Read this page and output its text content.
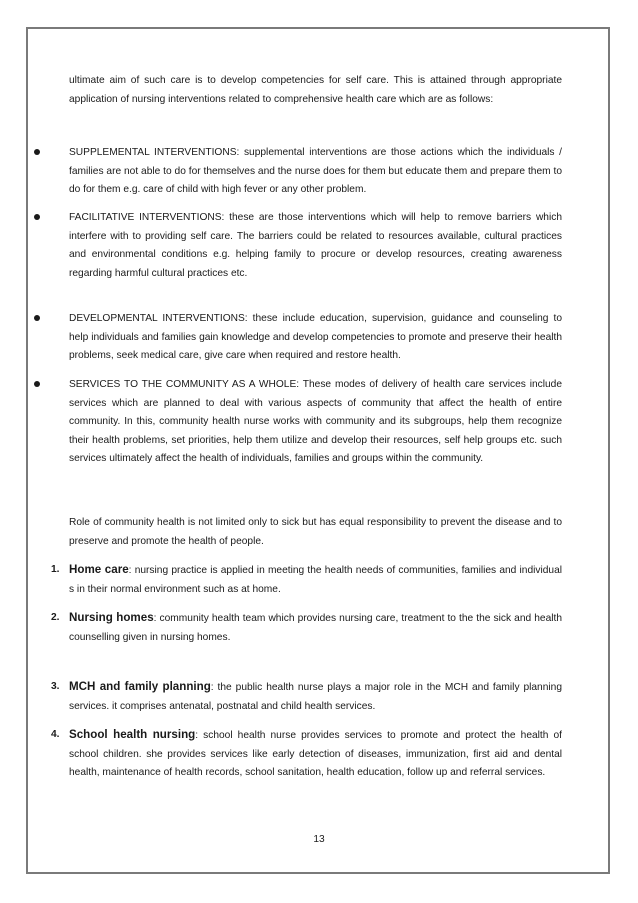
ultimate aim of such care is to develop competencies for self care. This is attained through appropriate application of nursing interventions related to comprehensive health care which are as follows:

SUPPLEMENTAL INTERVENTIONS: supplemental interventions are those actions which the individuals / families are not able to do for themselves and the nurse does for them but educate them and prepare them to do for them e.g. care of child with high fever or any other problem.

FACILITATIVE INTERVENTIONS: these are those interventions which will help to remove barriers which interfere with to providing self care. The barriers could be related to resources available, cultural practices and environmental conditions e.g. helping family to procure or develop resources, creating awareness regarding harmful cultural practices etc.

DEVELOPMENTAL INTERVENTIONS: these include education, supervision, guidance and counseling to help individuals and families gain knowledge and develop competencies to promote and preserve their health problems, seek medical care, give care when required and restore health.

SERVICES TO THE COMMUNITY AS A WHOLE: These modes of delivery of health care services include services which are planned to deal with various aspects of community that affect the health of entire community. In this, community health nurse works with community and its subgroups, help them recognize their health problems, set priorities, help them utilize and develop their resources, self help groups etc. such services ultimately affect the health of individuals, families and groups within the community.

Role of community health is not limited only to sick but has equal responsibility to prevent the disease and to preserve and promote the health of people.

1. Home care: nursing practice is applied in meeting the health needs of communities, families and individual s in their normal environment such as at home.

2. Nursing homes: community health team which provides nursing care, treatment to the the sick and health counselling given in nursing homes.

3. MCH and family planning: the public health nurse plays a major role in the MCH and family planning services. it comprises antenatal, postnatal and child health services.

4. School health nursing: school health nurse provides services to promote and protect the health of school children. she provides services like early detection of diseases, immunization, first aid and dental health, maintenance of health records, school sanitation, health education, follow up and referral services.

13
